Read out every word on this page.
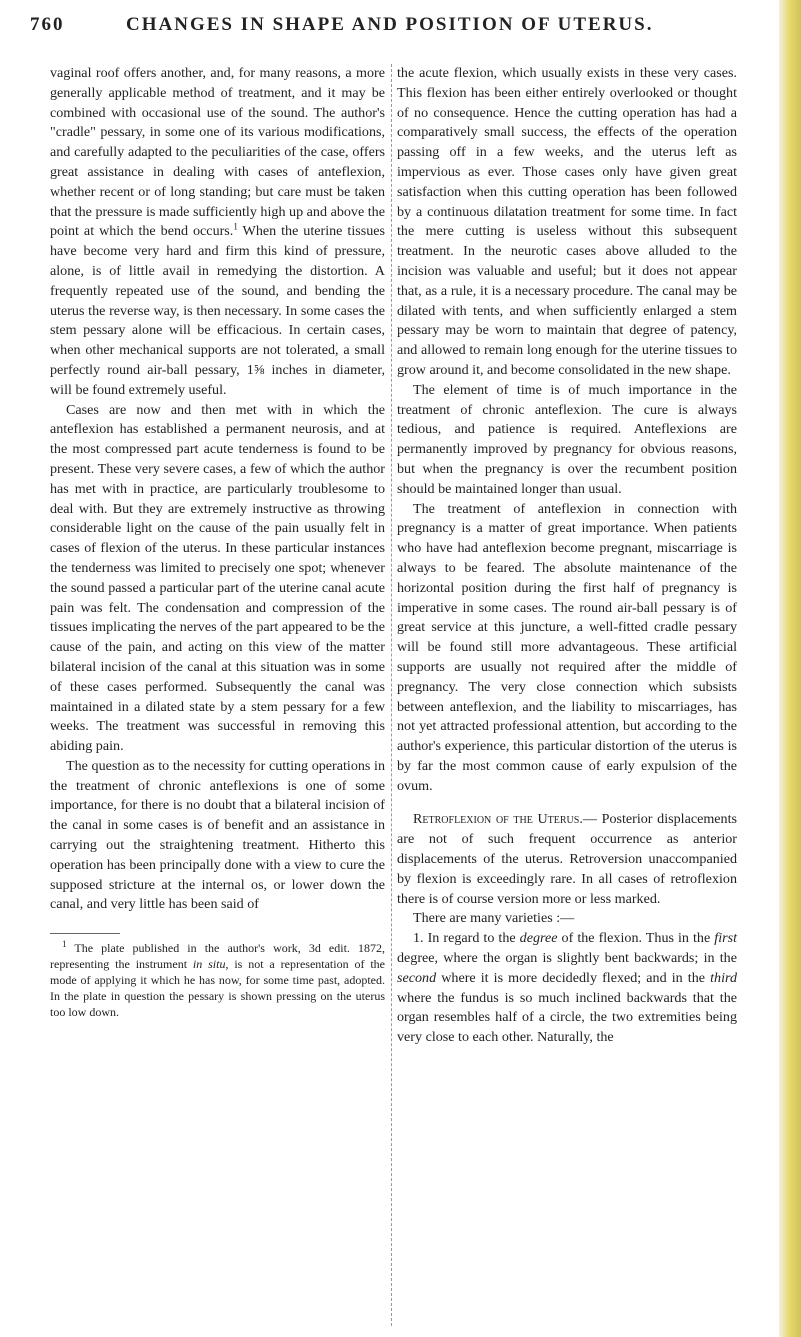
760	CHANGES IN SHAPE AND POSITION OF UTERUS.

vaginal roof offers another, and, for many reasons, a more generally applicable method of treatment, and it may be combined with occasional use of the sound. The author's "cradle" pessary, in some one of its various modifications, and carefully adapted to the peculiarities of the case, offers great assistance in dealing with cases of anteflexion, whether recent or of long standing; but care must be taken that the pressure is made sufficiently high up and above the point at which the bend occurs.$^1$ When the uterine tissues have become very hard and firm this kind of pressure, alone, is of little avail in remedying the distortion. A frequently repeated use of the sound, and bending the uterus the reverse way, is then necessary. In some cases the stem pessary alone will be efficacious. In certain cases, when other mechanical supports are not tolerated, a small perfectly round air-ball pessary, 1⅝ inches in diameter, will be found extremely useful.

Cases are now and then met with in which the anteflexion has established a permanent neurosis, and at the most compressed part acute tenderness is found to be present. These very severe cases, a few of which the author has met with in practice, are particularly troublesome to deal with. But they are extremely instructive as throwing considerable light on the cause of the pain usually felt in cases of flexion of the uterus. In these particular instances the tenderness was limited to precisely one spot; whenever the sound passed a particular part of the uterine canal acute pain was felt. The condensation and compression of the tissues implicating the nerves of the part appeared to be the cause of the pain, and acting on this view of the matter bilateral incision of the canal at this situation was in some of these cases performed. Subsequently the canal was maintained in a dilated state by a stem pessary for a few weeks. The treatment was successful in removing this abiding pain.

The question as to the necessity for cutting operations in the treatment of chronic anteflexions is one of some importance, for there is no doubt that a bilateral incision of the canal in some cases is of benefit and an assistance in carrying out the straightening treatment. Hitherto this operation has been principally done with a view to cure the supposed stricture at the internal os, or lower down the canal, and very little has been said of

$^1$ The plate published in the author's work, 3d edit. 1872, representing the instrument in situ, is not a representation of the mode of applying it which he has now, for some time past, adopted. In the plate in question the pessary is shown pressing on the uterus too low down.

the acute flexion, which usually exists in these very cases. This flexion has been either entirely overlooked or thought of no consequence. Hence the cutting operation has had a comparatively small success, the effects of the operation passing off in a few weeks, and the uterus left as impervious as ever. Those cases only have given great satisfaction when this cutting operation has been followed by a continuous dilatation treatment for some time. In fact the mere cutting is useless without this subsequent treatment. In the neurotic cases above alluded to the incision was valuable and useful; but it does not appear that, as a rule, it is a necessary procedure. The canal may be dilated with tents, and when sufficiently enlarged a stem pessary may be worn to maintain that degree of patency, and allowed to remain long enough for the uterine tissues to grow around it, and become consolidated in the new shape.

The element of time is of much importance in the treatment of chronic anteflexion. The cure is always tedious, and patience is required. Anteflexions are permanently improved by pregnancy for obvious reasons, but when the pregnancy is over the recumbent position should be maintained longer than usual.

The treatment of anteflexion in connection with pregnancy is a matter of great importance. When patients who have had anteflexion become pregnant, miscarriage is always to be feared. The absolute maintenance of the horizontal position during the first half of pregnancy is imperative in some cases. The round air-ball pessary is of great service at this juncture, a well-fitted cradle pessary will be found still more advantageous. These artificial supports are usually not required after the middle of pregnancy. The very close connection which subsists between anteflexion, and the liability to miscarriages, has not yet attracted professional attention, but according to the author's experience, this particular distortion of the uterus is by far the most common cause of early expulsion of the ovum.

Retroflexion of the Uterus.— Posterior displacements are not of such frequent occurrence as anterior displacements of the uterus. Retroversion unaccompanied by flexion is exceedingly rare. In all cases of retroflexion there is of course version more or less marked.

There are many varieties :—

1. In regard to the degree of the flexion. Thus in the first degree, where the organ is slightly bent backwards; in the second where it is more decidedly flexed; and in the third where the fundus is so much inclined backwards that the organ resembles half of a circle, the two extremities being very close to each other. Naturally, the
